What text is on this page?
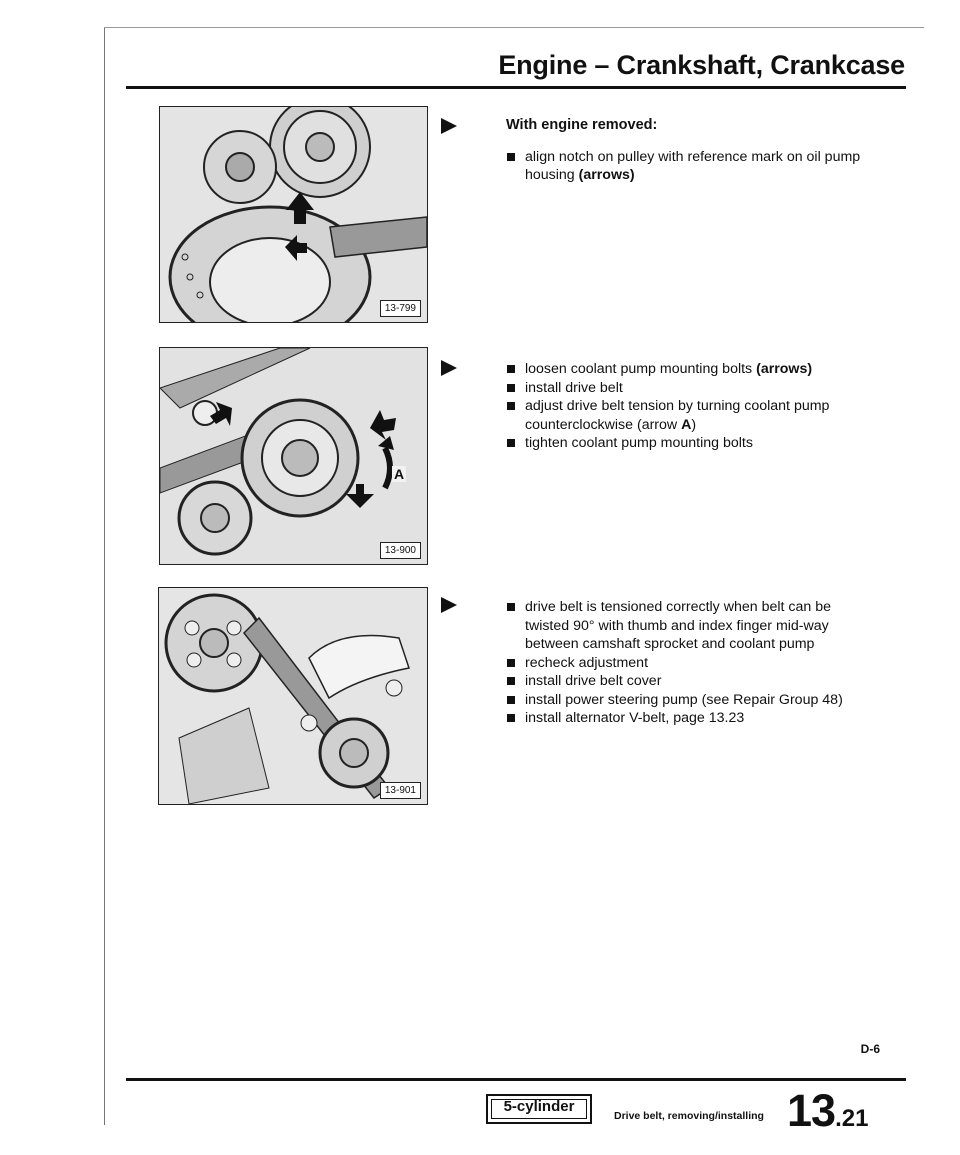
Engine – Crankshaft, Crankcase
13-799
A
13-900
13-901
With engine removed:
align notch on pulley with reference mark on oil pump housing (arrows)
loosen coolant pump mounting bolts (arrows)
install drive belt
adjust drive belt tension by turning coolant pump counterclockwise (arrow A)
tighten coolant pump mounting bolts
drive belt is tensioned correctly when belt can be twisted 90° with thumb and index finger mid-way between camshaft sprocket and coolant pump
recheck adjustment
install drive belt cover
install power steering pump (see Repair Group 48)
install alternator V-belt, page 13.23
D-6
5-cylinder
Drive belt, removing/installing 13.21
